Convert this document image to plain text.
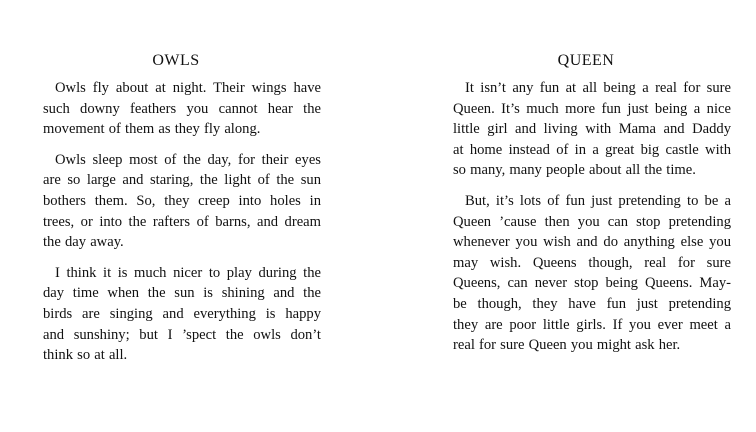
OWLS
Owls fly about at night. Their wings have
such downy feathers you cannot hear the
movement of them as they fly along.
Owls sleep most of the day, for their eyes
are so large and staring, the light of the sun
bothers them. So, they creep into holes in
trees, or into the rafters of barns, and dream
the day away.
I think it is much nicer to play during the
day time when the sun is shining and the
birds are singing and everything is happy
and sunshiny; but I ’spect the owls don’t
think so at all.
QUEEN
It isn’t any fun at all being a real for sure
Queen. It’s much more fun just being a nice
little girl and living with Mama and Daddy
at home instead of in a great big castle with
so many, many people about all the time.
But, it’s lots of fun just pretending to be a
Queen ’cause then you can stop pretending
whenever you wish and do anything else you
may wish. Queens though, real for sure
Queens, can never stop being Queens. May-
be though, they have fun just pretending
they are poor little girls. If you ever meet a
real for sure Queen you might ask her.
